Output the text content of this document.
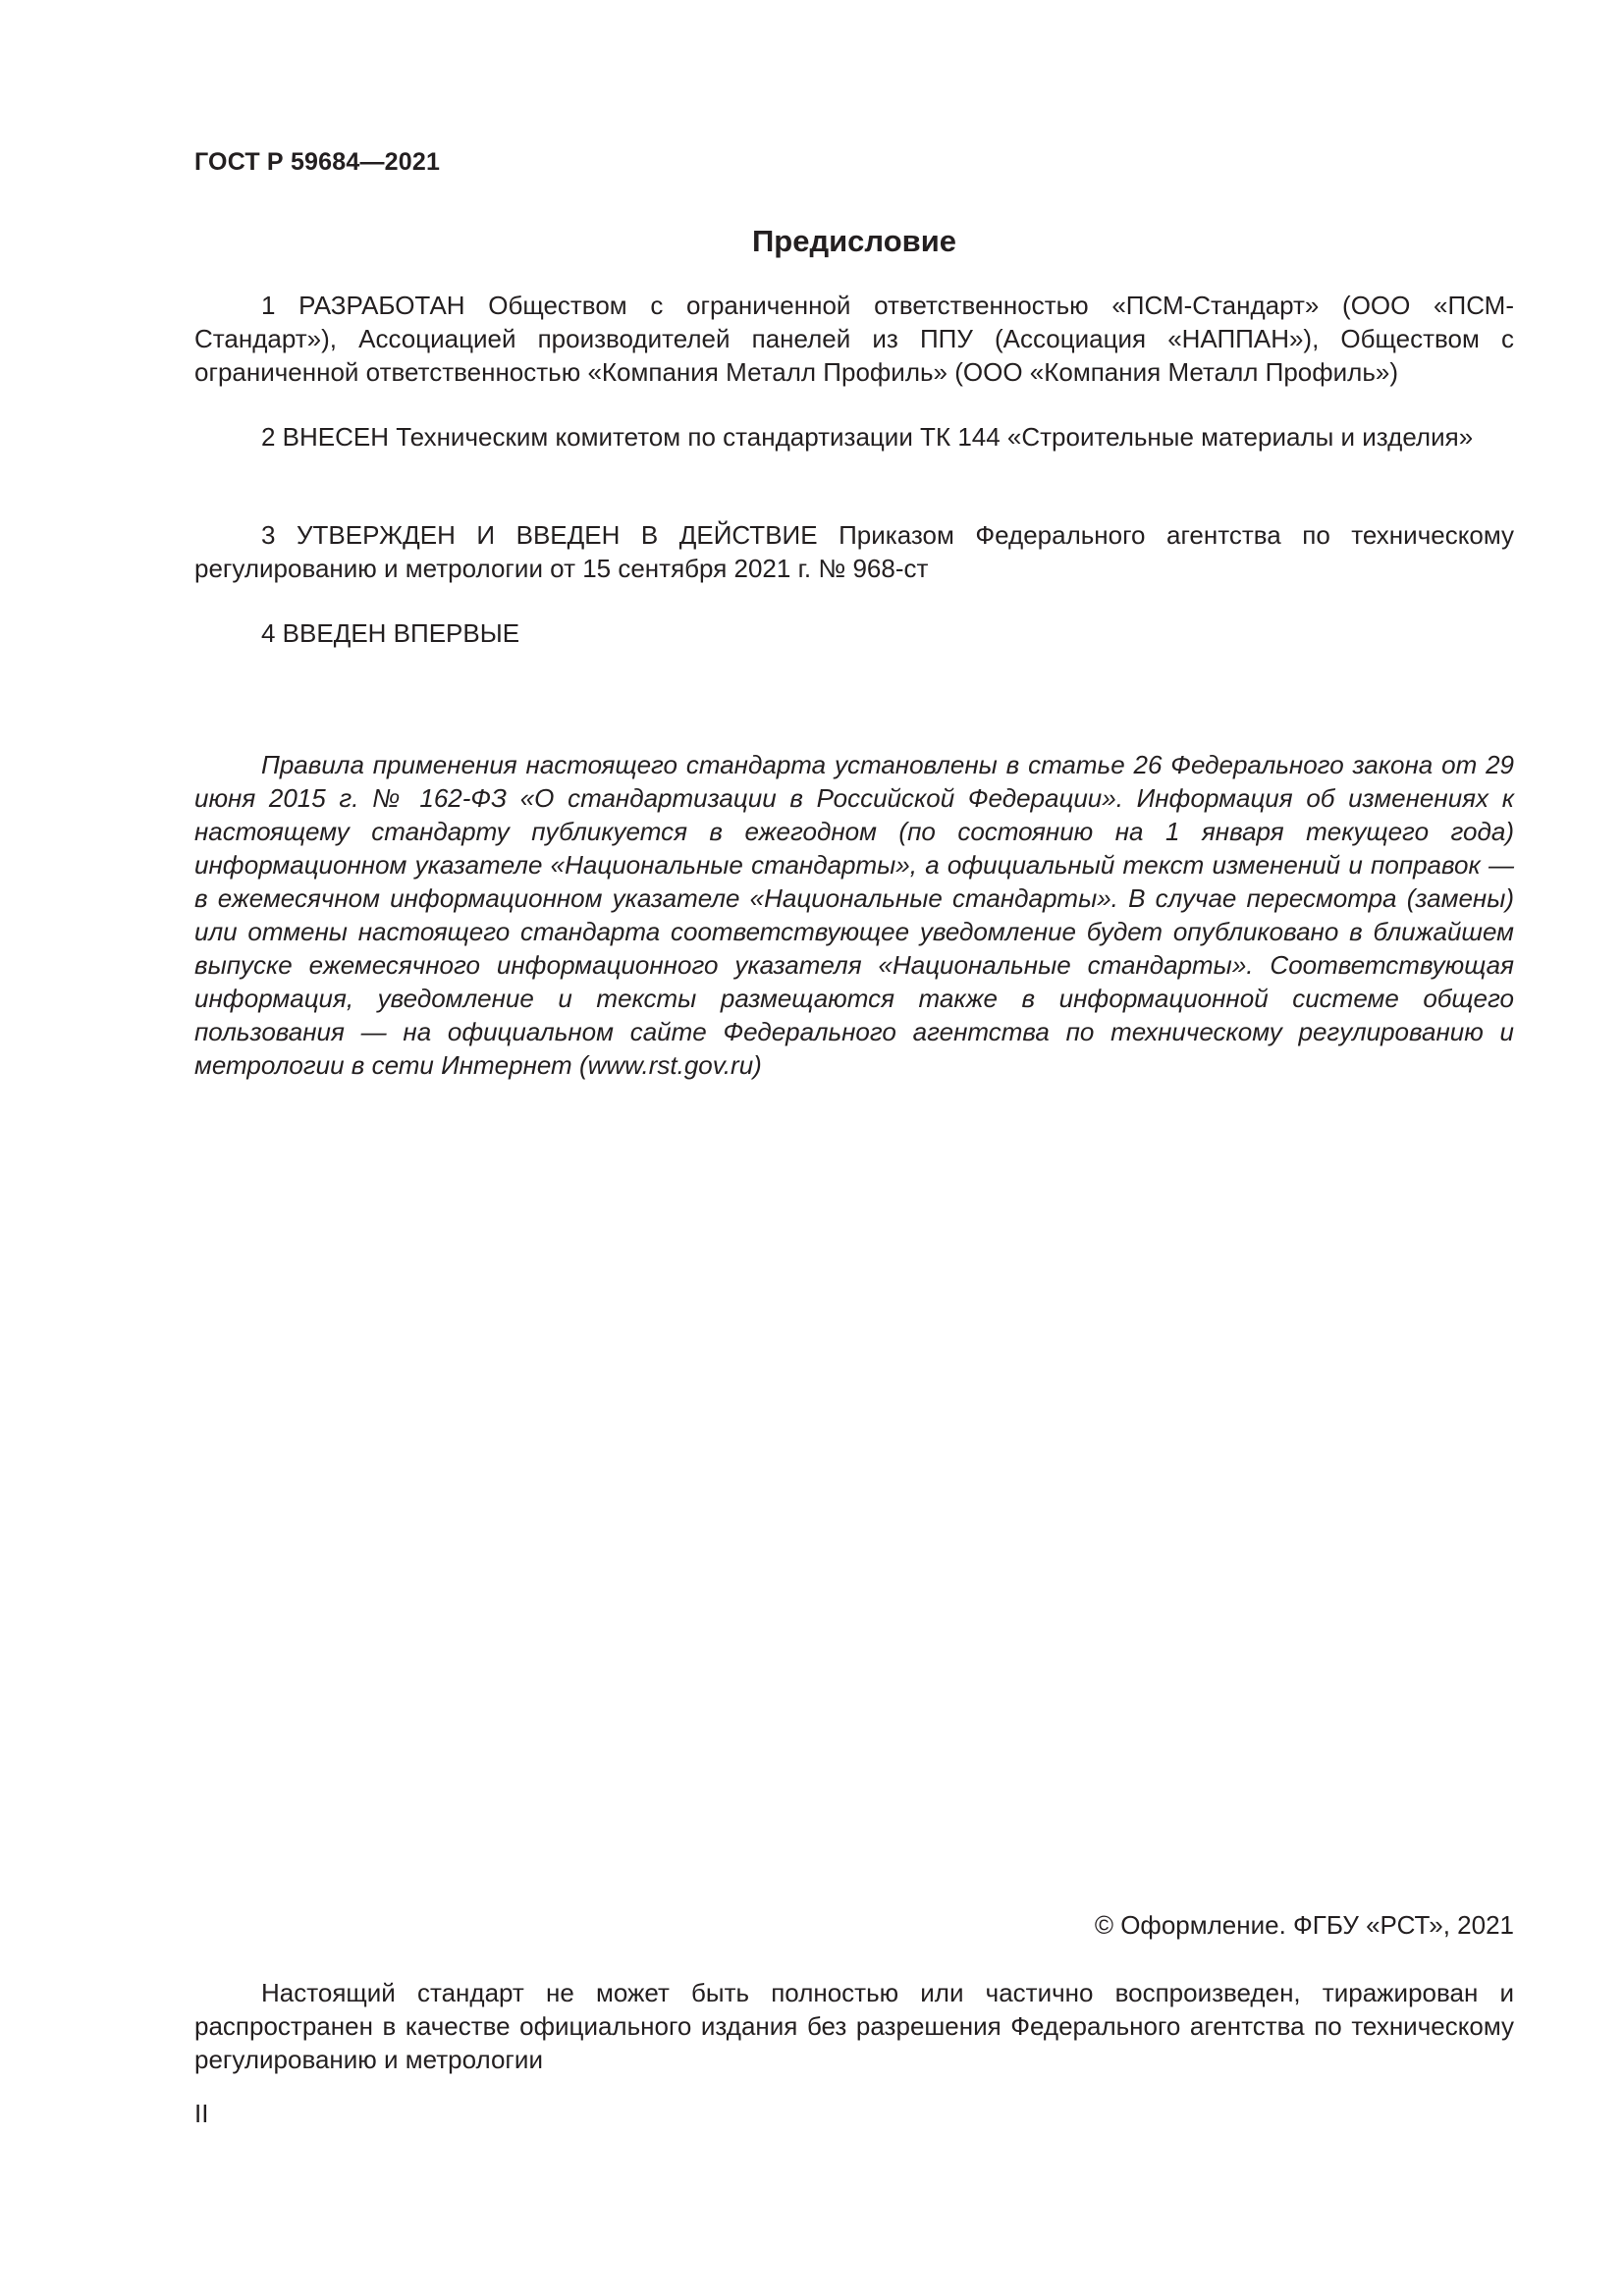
ГОСТ Р 59684—2021
Предисловие

1 РАЗРАБОТАН Обществом с ограниченной ответственностью «ПСМ-Стандарт» (ООО «ПСМ-Стандарт»), Ассоциацией производителей панелей из ППУ (Ассоциация «НАППАН»), Обществом с ограниченной ответственностью «Компания Металл Профиль» (ООО «Компания Металл Профиль»)

2 ВНЕСЕН Техническим комитетом по стандартизации ТК 144 «Строительные материалы и изделия»

3 УТВЕРЖДЕН И ВВЕДЕН В ДЕЙСТВИЕ Приказом Федерального агентства по техническому регулированию и метрологии от 15 сентября 2021 г. № 968-ст

4 ВВЕДЕН ВПЕРВЫЕ

Правила применения настоящего стандарта установлены в статье 26 Федерального закона от 29 июня 2015 г. № 162-ФЗ «О стандартизации в Российской Федерации». Информация об изменениях к настоящему стандарту публикуется в ежегодном (по состоянию на 1 января текущего года) информационном указателе «Национальные стандарты», а официальный текст изменений и поправок — в ежемесячном информационном указателе «Национальные стандарты». В случае пересмотра (замены) или отмены настоящего стандарта соответствующее уведомление будет опубликовано в ближайшем выпуске ежемесячного информационного указателя «Национальные стандарты». Соответствующая информация, уведомление и тексты размещаются также в информационной системе общего пользования — на официальном сайте Федерального агентства по техническому регулированию и метрологии в сети Интернет (www.rst.gov.ru)

© Оформление. ФГБУ «РСТ», 2021

Настоящий стандарт не может быть полностью или частично воспроизведен, тиражирован и распространен в качестве официального издания без разрешения Федерального агентства по техническому регулированию и метрологии

II
